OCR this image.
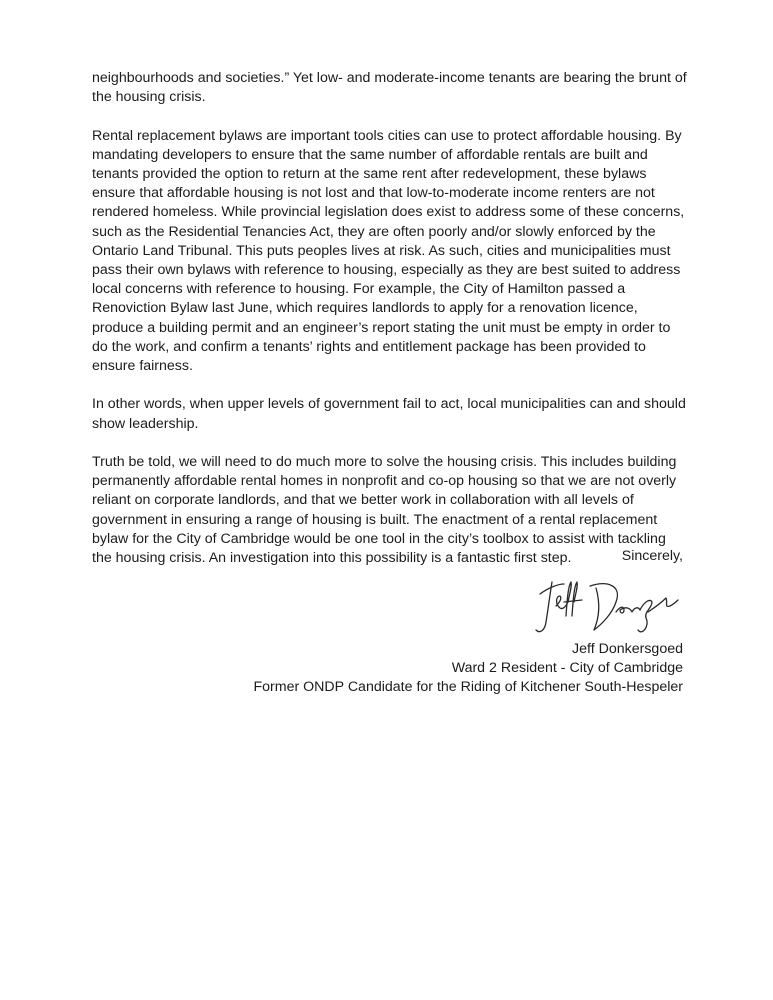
neighbourhoods and societies.” Yet low- and moderate-income tenants are bearing the brunt of the housing crisis.

Rental replacement bylaws are important tools cities can use to protect affordable housing. By mandating developers to ensure that the same number of affordable rentals are built and tenants provided the option to return at the same rent after redevelopment, these bylaws ensure that affordable housing is not lost and that low-to-moderate income renters are not rendered homeless. While provincial legislation does exist to address some of these concerns, such as the Residential Tenancies Act, they are often poorly and/or slowly enforced by the Ontario Land Tribunal. This puts peoples lives at risk. As such, cities and municipalities must pass their own bylaws with reference to housing, especially as they are best suited to address local concerns with reference to housing. For example, the City of Hamilton passed a Renoviction Bylaw last June, which requires landlords to apply for a renovation licence, produce a building permit and an engineer’s report stating the unit must be empty in order to do the work, and confirm a tenants’ rights and entitlement package has been provided to ensure fairness.

In other words, when upper levels of government fail to act, local municipalities can and should show leadership.

Truth be told, we will need to do much more to solve the housing crisis. This includes building permanently affordable rental homes in nonprofit and co-op housing so that we are not overly reliant on corporate landlords, and that we better work in collaboration with all levels of government in ensuring a range of housing is built. The enactment of a rental replacement bylaw for the City of Cambridge would be one tool in the city’s toolbox to assist with tackling the housing crisis. An investigation into this possibility is a fantastic first step.	Sincerely,
Jeff Donkersgoed
Ward 2 Resident - City of Cambridge
Former ONDP Candidate for the Riding of Kitchener South-Hespeler
